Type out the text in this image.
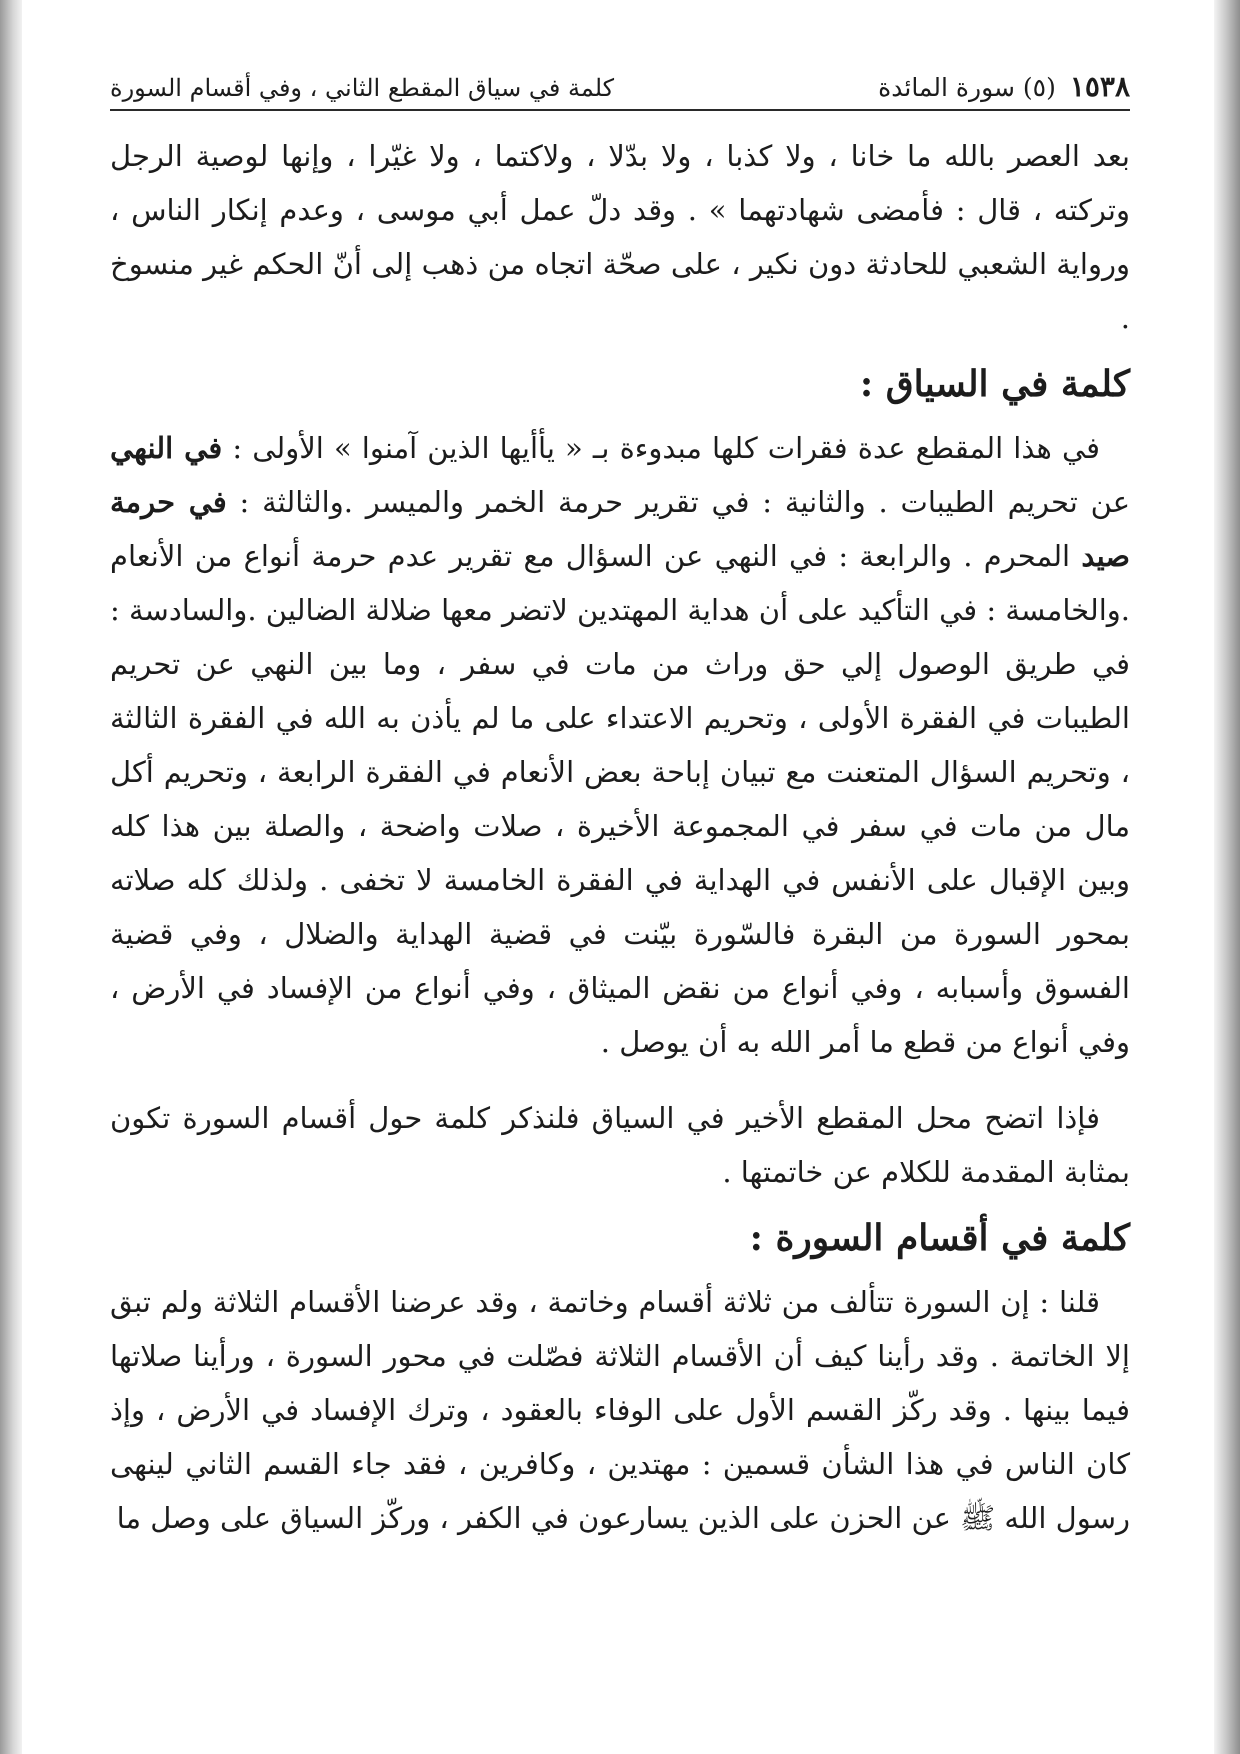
١٥٣٨
(٥) سورة المائدة
كلمة في سياق المقطع الثاني ، وفي أقسام السورة

بعد العصر بالله ما خانا ، ولا كذبا ، ولا بدّلا ، ولاكتما ، ولا غيّرا ، وإنها لوصية الرجل وتركته ، قال : فأمضى شهادتهما » . وقد دلّ عمل أبي موسى ، وعدم إنكار الناس ، ورواية الشعبي للحادثة دون نكير ، على صحّة اتجاه من ذهب إلى أنّ الحكم غير منسوخ .

كلمة في السياق :

في هذا المقطع عدة فقرات كلها مبدوءة بـ « يأأيها الذين آمنوا » الأولى : في النهي عن تحريم الطيبات . والثانية : في تقرير حرمة الخمر والميسر .والثالثة : في حرمة صيد المحرم . والرابعة : في النهي عن السؤال مع تقرير عدم حرمة أنواع من الأنعام .والخامسة : في التأكيد على أن هداية المهتدين لاتضر معها ضلالة الضالين .والسادسة : في طريق الوصول إلي حق وراث من مات في سفر ، وما بين النهي عن تحريم الطيبات في الفقرة الأولى ، وتحريم الاعتداء على ما لم يأذن به الله في الفقرة الثالثة ، وتحريم السؤال المتعنت مع تبيان إباحة بعض الأنعام في الفقرة الرابعة ، وتحريم أكل مال من مات في سفر في المجموعة الأخيرة ، صلات واضحة ، والصلة بين هذا كله وبين الإقبال على الأنفس في الهداية في الفقرة الخامسة لا تخفى . ولذلك كله صلاته بمحور السورة من البقرة فالسّورة بيّنت في قضية الهداية والضلال ، وفي قضية الفسوق وأسبابه ، وفي أنواع من نقض الميثاق ، وفي أنواع من الإفساد في الأرض ، وفي أنواع من قطع ما أمر الله به أن يوصل .

فإذا اتضح محل المقطع الأخير في السياق فلنذكر كلمة حول أقسام السورة تكون بمثابة المقدمة للكلام عن خاتمتها .

كلمة في أقسام السورة :

قلنا : إن السورة تتألف من ثلاثة أقسام وخاتمة ، وقد عرضنا الأقسام الثلاثة ولم تبق إلا الخاتمة . وقد رأينا كيف أن الأقسام الثلاثة فصّلت في محور السورة ، ورأينا صلاتها فيما بينها . وقد ركّز القسم الأول على الوفاء بالعقود ، وترك الإفساد في الأرض ، وإذ كان الناس في هذا الشأن قسمين : مهتدين ، وكافرين ، فقد جاء القسم الثاني لينهى رسول الله ﷺ عن الحزن على الذين يسارعون في الكفر ، وركّز السياق على وصل ما
